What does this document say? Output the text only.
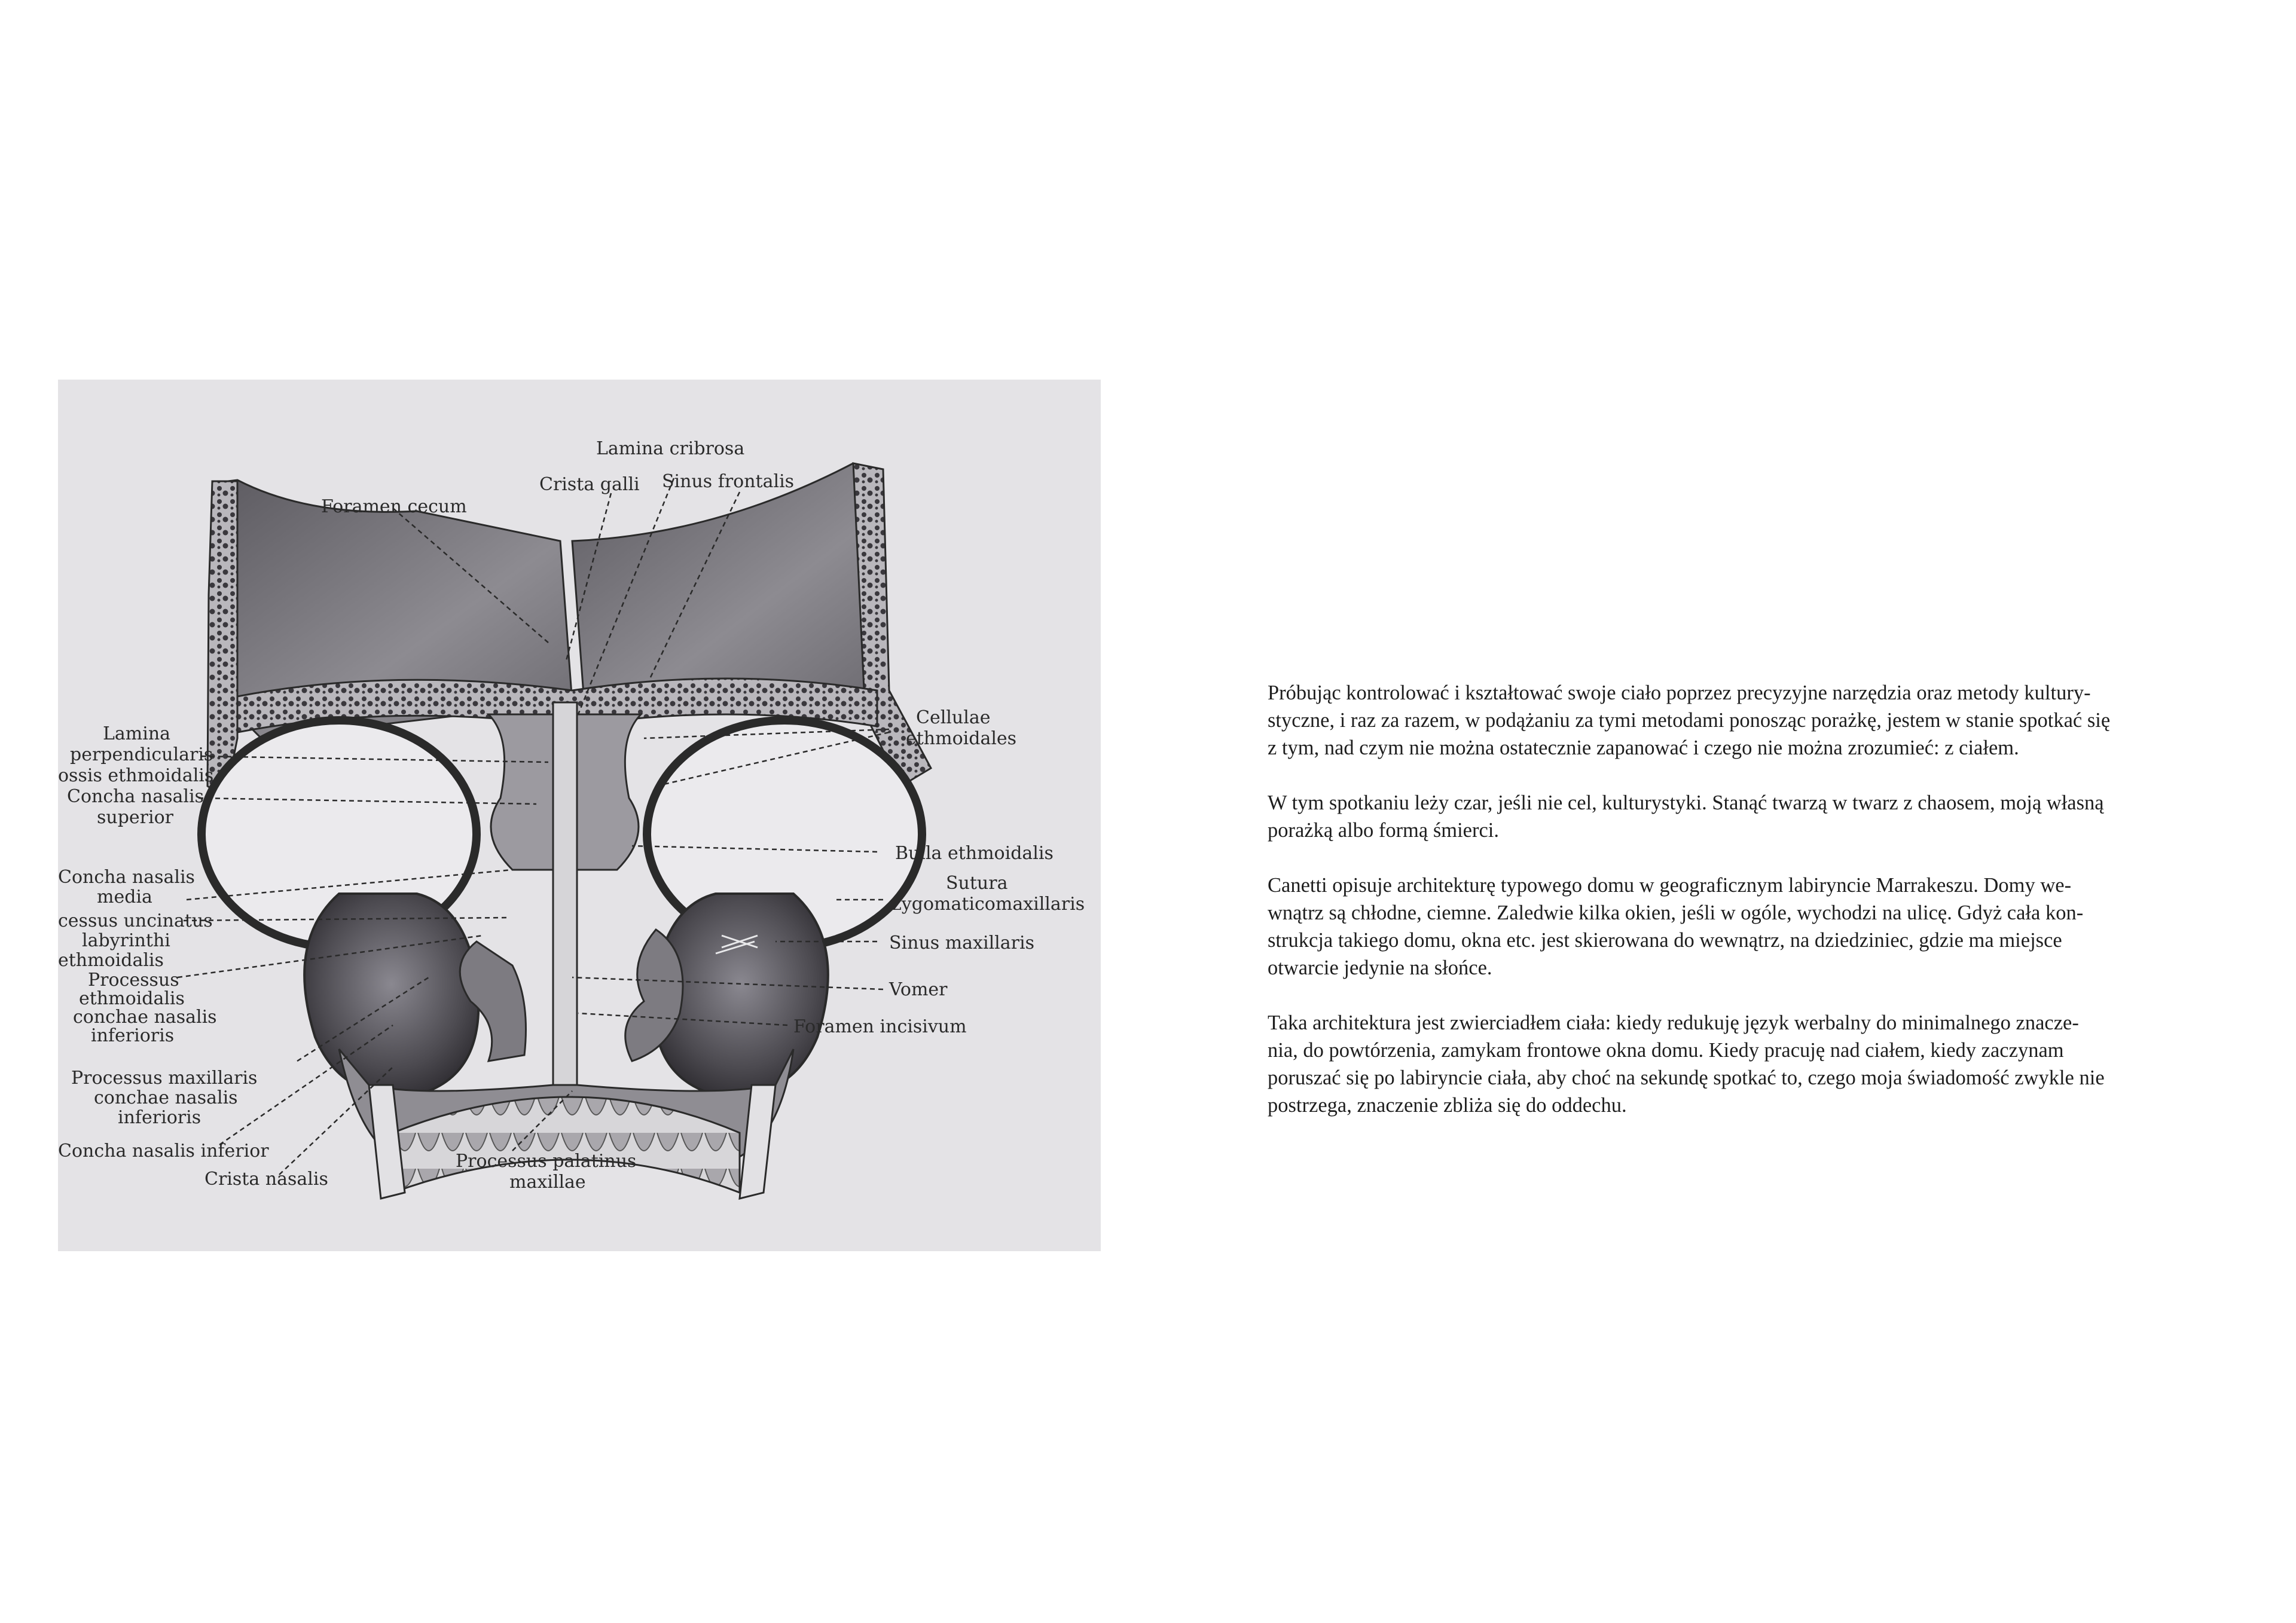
Lamina cribrosa
Crista galli Sinus frontalis
Foramen cecum
Cellulae
ethmoidales
Lamina
perpendicularis
ossis ethmoidalis
Concha nasalis
superior
Bulla ethmoidalis
Concha nasalis
media
Sutura
zygomaticomaxillaris
cessus uncinatus
labyrinthi
ethmoidalis
Sinus maxillaris
Processus
ethmoidalis
conchae nasalis
inferioris
Vomer
Foramen incisivum
Processus maxillaris
conchae nasalis
inferioris
Concha nasalis inferior
Crista nasalis
Processus palatinus
maxillae

Próbując kontrolować i kształtować swoje ciało poprzez precyzyjne narzędzia oraz metody kultury-
styczne, i raz za razem, w podążaniu za tymi metodami ponosząc porażkę, jestem w stanie spotkać się
z tym, nad czym nie można ostatecznie zapanować i czego nie można zrozumieć: z ciałem.

W tym spotkaniu leży czar, jeśli nie cel, kulturystyki. Stanąć twarzą w twarz z chaosem, moją własną
porażką albo formą śmierci.

Canetti opisuje architekturę typowego domu w geograficznym labiryncie Marrakeszu. Domy we-
wnątrz są chłodne, ciemne. Zaledwie kilka okien, jeśli w ogóle, wychodzi na ulicę. Gdyż cała kon-
strukcja takiego domu, okna etc. jest skierowana do wewnątrz, na dziedziniec, gdzie ma miejsce
otwarcie jedynie na słońce.

Taka architektura jest zwierciadłem ciała: kiedy redukuję język werbalny do minimalnego znacze-
nia, do powtórzenia, zamykam frontowe okna domu. Kiedy pracuję nad ciałem, kiedy zaczynam
poruszać się po labiryncie ciała, aby choć na sekundę spotkać to, czego moja świadomość zwykle nie
postrzega, znaczenie zbliża się do oddechu.
